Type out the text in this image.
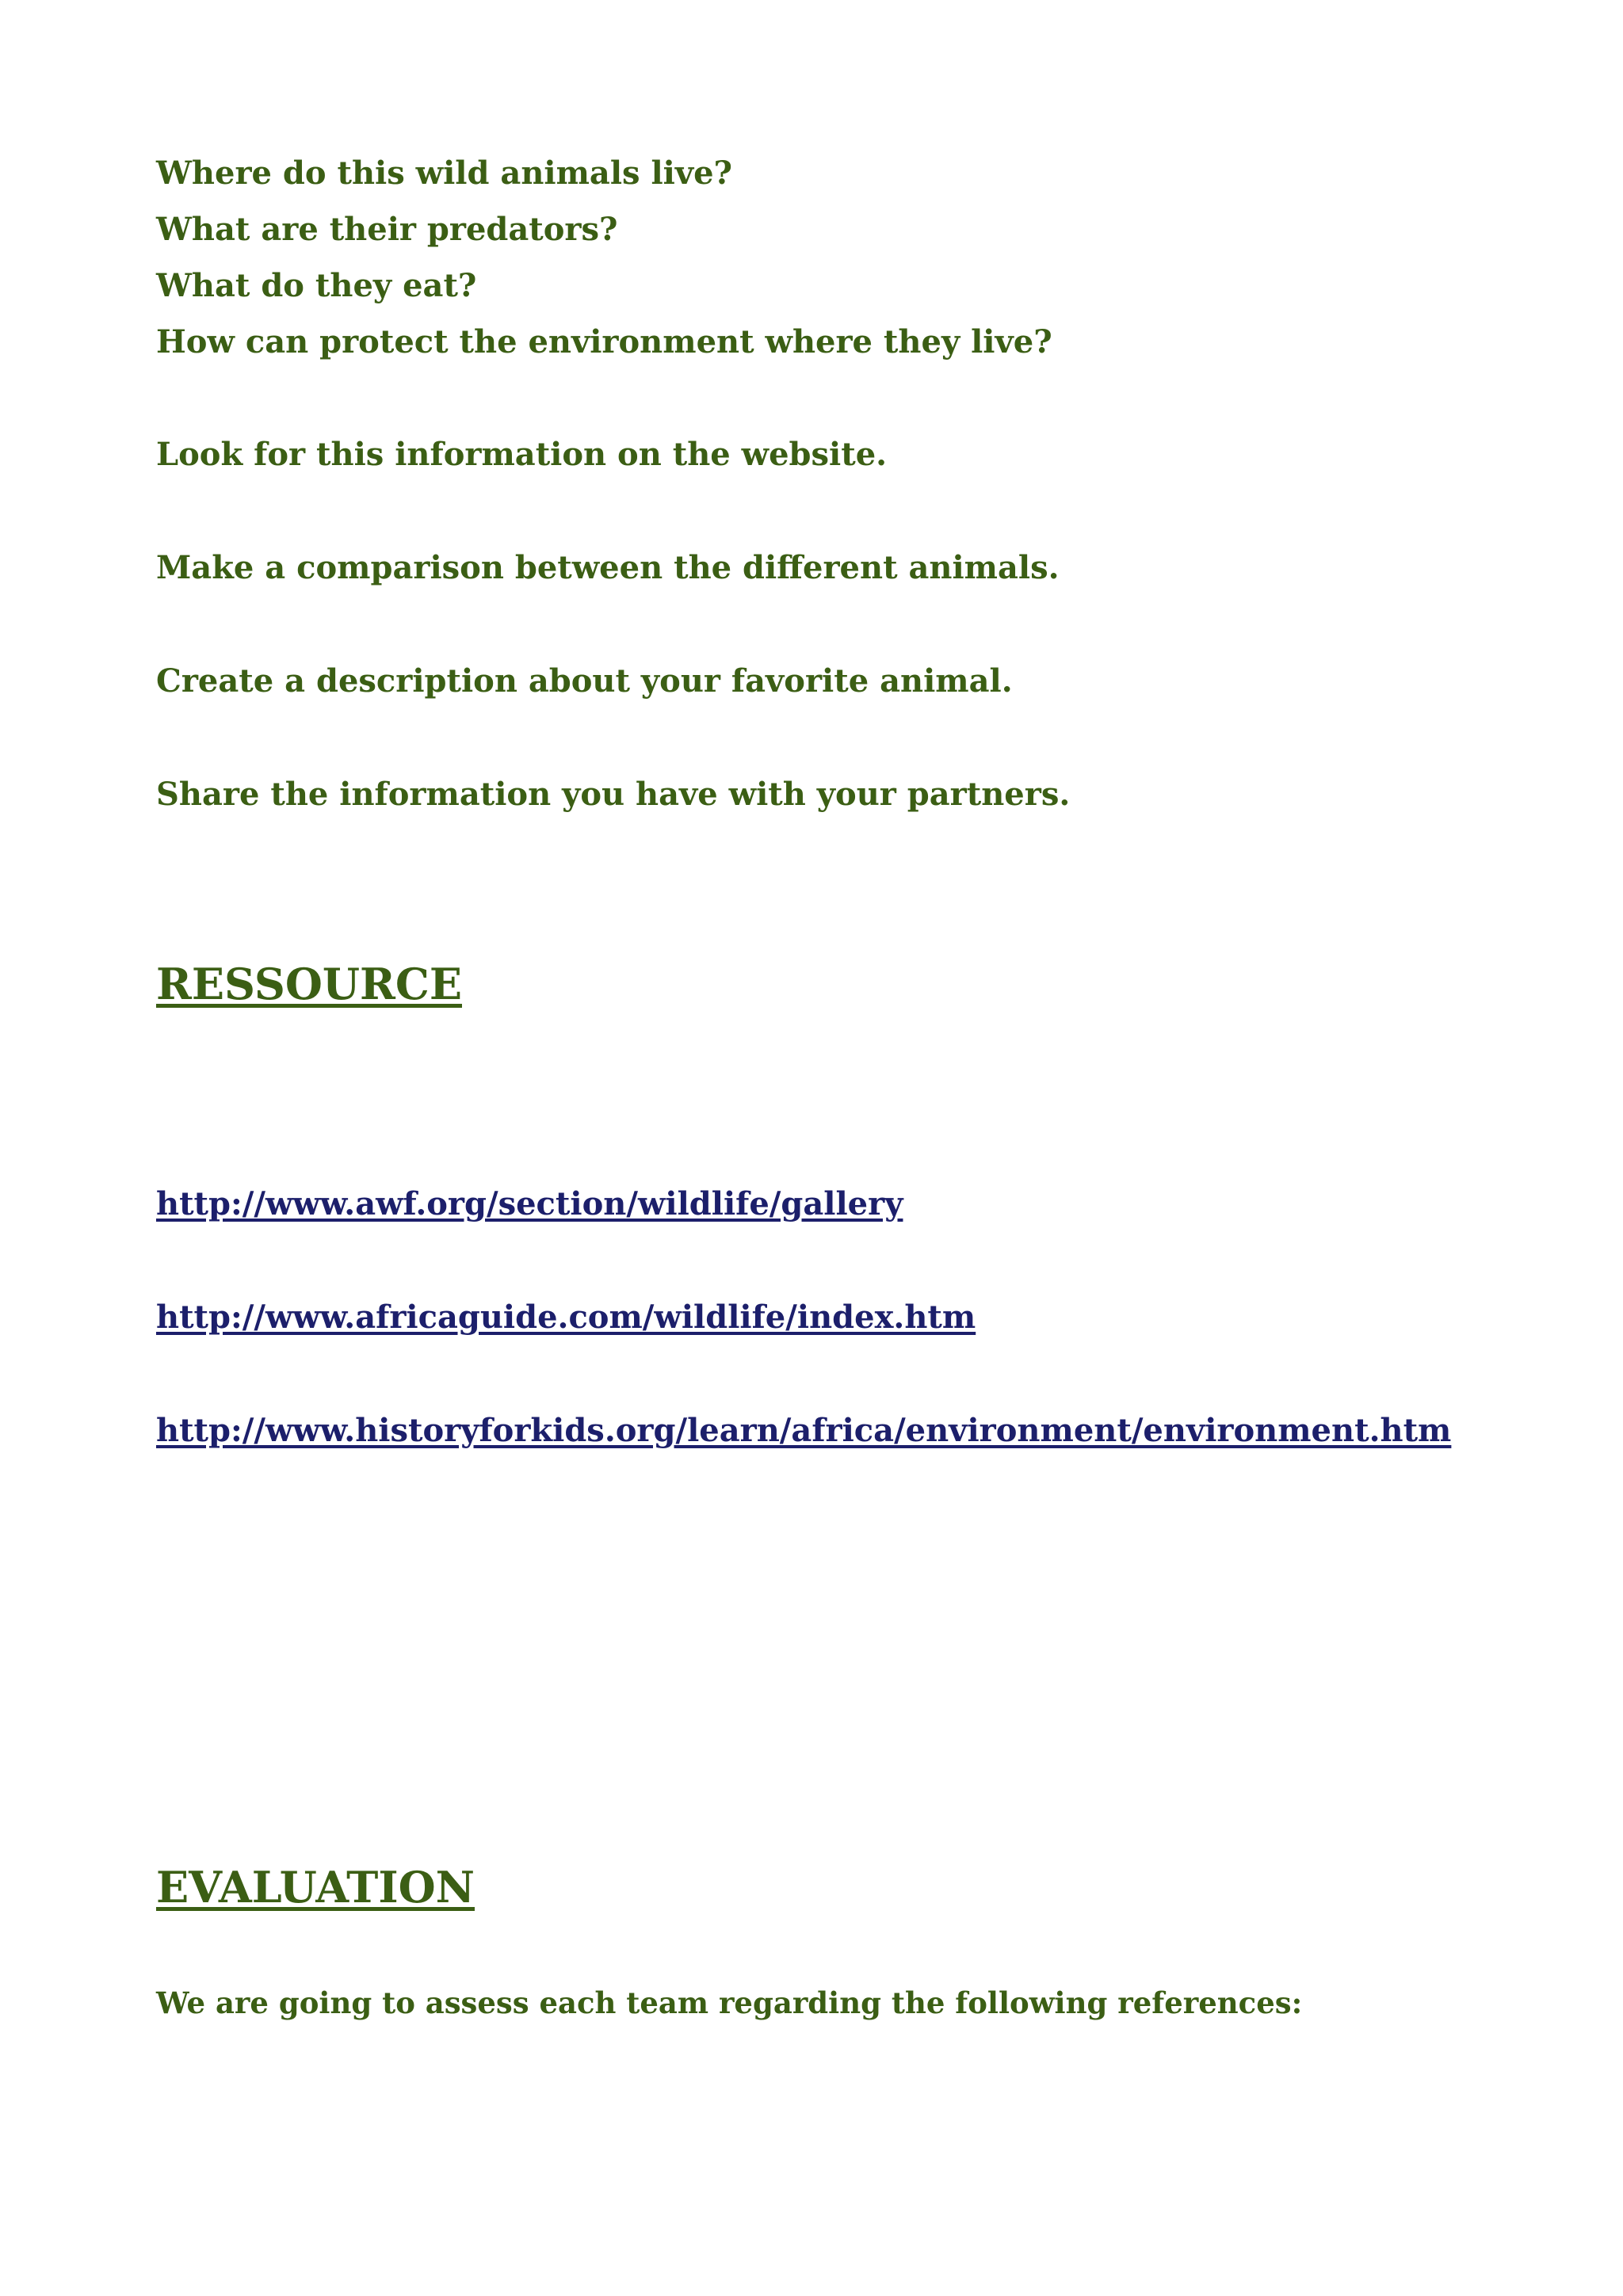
Where do this wild animals live?

What are their predators?

What do they eat?

How can protect the environment where they live?

Look for this information on the website.

Make a comparison between the different animals.

Create a description about your favorite animal.

Share the information you have with your partners.

RESSOURCE
http://www.awf.org/section/wildlife/gallery
http://www.africaguide.com/wildlife/index.htm
http://www.historyforkids.org/learn/africa/environment/environment.htm
EVALUATION

We are going to assess each team regarding the following references:
